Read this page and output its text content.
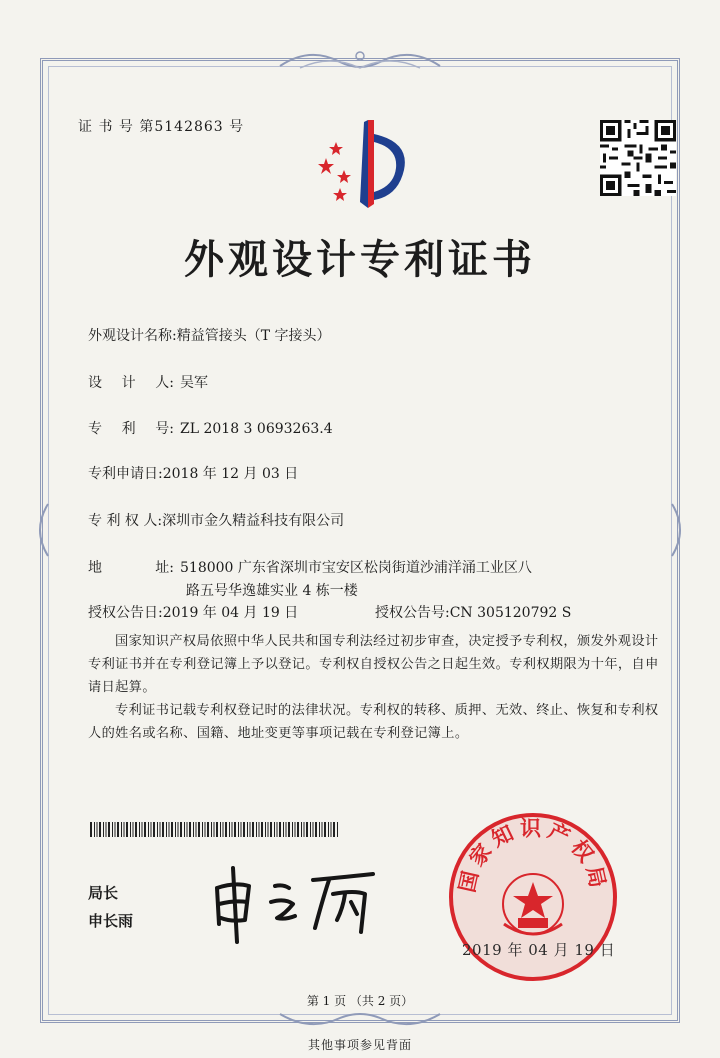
证 书 号 第5142863 号
外观设计专利证书
外观设计名称:精益管接头（T 字接头）
设 计 人: 吴军
专 利 号: ZL 2018 3 0693263.4
专利申请日:2018 年 12 月 03 日
专 利 权 人:深圳市金久精益科技有限公司
地	址: 518000 广东省深圳市宝安区松岗街道沙浦洋涌工业区八
路五号华逸雄实业 4 栋一楼
授权公告日:2019 年 04 月 19 日	授权公告号:CN 305120792 S
国家知识产权局依照中华人民共和国专利法经过初步审查，决定授予专利权，颁发外观设计专利证书并在专利登记簿上予以登记。专利权自授权公告之日起生效。专利权期限为十年，自申请日起算。
专利证书记载专利权登记时的法律状况。专利权的转移、质押、无效、终止、恢复和专利权人的姓名或名称、国籍、地址变更等事项记载在专利登记簿上。
局长
申长雨
国家知识产权局
2019 年 04 月 19 日
第 1 页 （共 2 页）
其他事项参见背面
